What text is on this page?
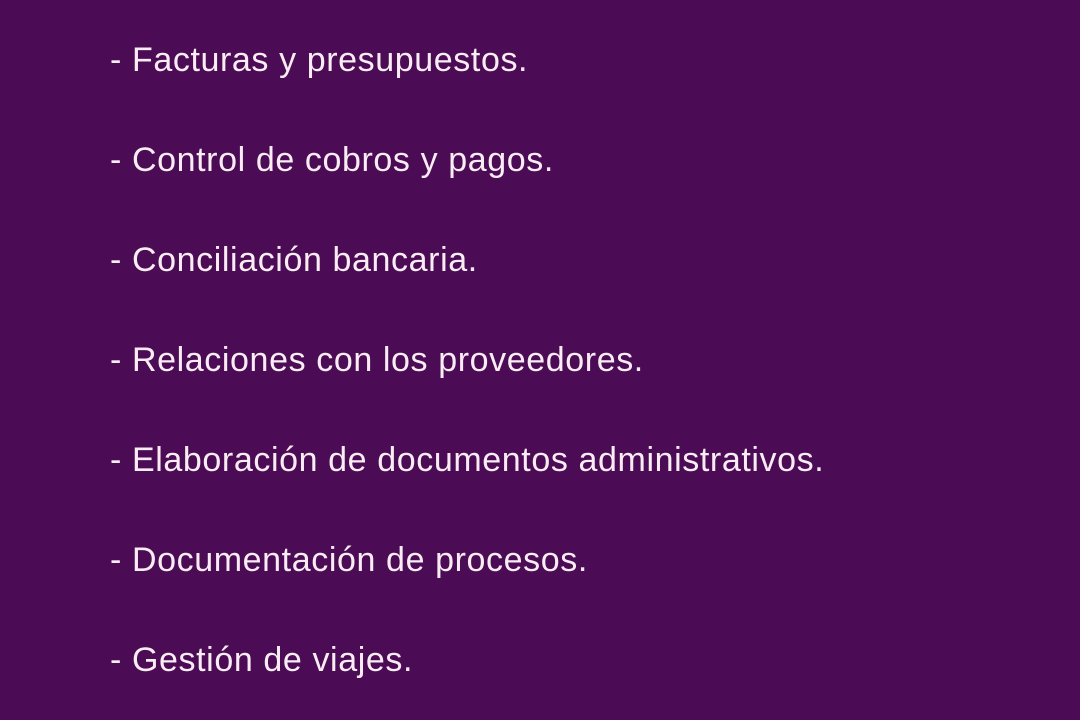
- Facturas y presupuestos.
- Control de cobros y pagos.
- Conciliación bancaria.
- Relaciones con los proveedores.
- Elaboración de documentos administrativos.
- Documentación de procesos.
- Gestión de viajes.
